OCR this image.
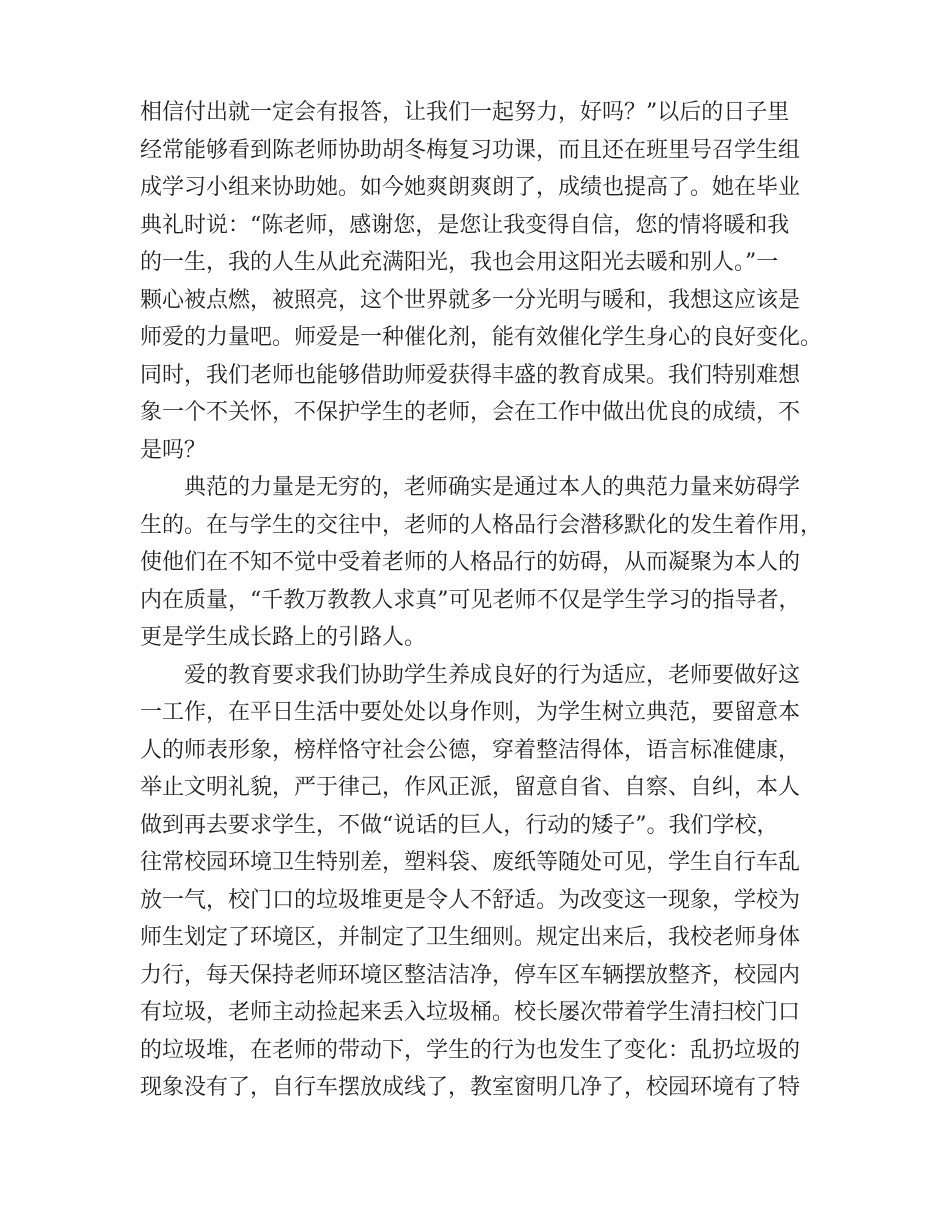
相信付出就一定会有报答，让我们一起努力，好吗？”以后的日子里
经常能够看到陈老师协助胡冬梅复习功课，而且还在班里号召学生组
成学习小组来协助她。如今她爽朗爽朗了，成绩也提高了。她在毕业
典礼时说：“陈老师，感谢您，是您让我变得自信，您的情将暖和我
的一生，我的人生从此充满阳光，我也会用这阳光去暖和别人。”一
颗心被点燃，被照亮，这个世界就多一分光明与暖和，我想这应该是
师爱的力量吧。师爱是一种催化剂，能有效催化学生身心的良好变化。
同时，我们老师也能够借助师爱获得丰盛的教育成果。我们特别难想
象一个不关怀，不保护学生的老师，会在工作中做出优良的成绩，不
是吗？

　　典范的力量是无穷的，老师确实是通过本人的典范力量来妨碍学
生的。在与学生的交往中，老师的人格品行会潜移默化的发生着作用，
使他们在不知不觉中受着老师的人格品行的妨碍，从而凝聚为本人的
内在质量，“千教万教教人求真”可见老师不仅是学生学习的指导者，
更是学生成长路上的引路人。

　　爱的教育要求我们协助学生养成良好的行为适应，老师要做好这
一工作，在平日生活中要处处以身作则，为学生树立典范，要留意本
人的师表形象，榜样恪守社会公德，穿着整洁得体，语言标准健康，
举止文明礼貌，严于律己，作风正派，留意自省、自察、自纠，本人
做到再去要求学生，不做“说话的巨人，行动的矮子”。我们学校，
往常校园环境卫生特别差，塑料袋、废纸等随处可见，学生自行车乱
放一气，校门口的垃圾堆更是令人不舒适。为改变这一现象，学校为
师生划定了环境区，并制定了卫生细则。规定出来后，我校老师身体
力行，每天保持老师环境区整洁洁净，停车区车辆摆放整齐，校园内
有垃圾，老师主动捡起来丢入垃圾桶。校长屡次带着学生清扫校门口
的垃圾堆，在老师的带动下，学生的行为也发生了变化：乱扔垃圾的
现象没有了，自行车摆放成线了，教室窗明几净了，校园环境有了特
